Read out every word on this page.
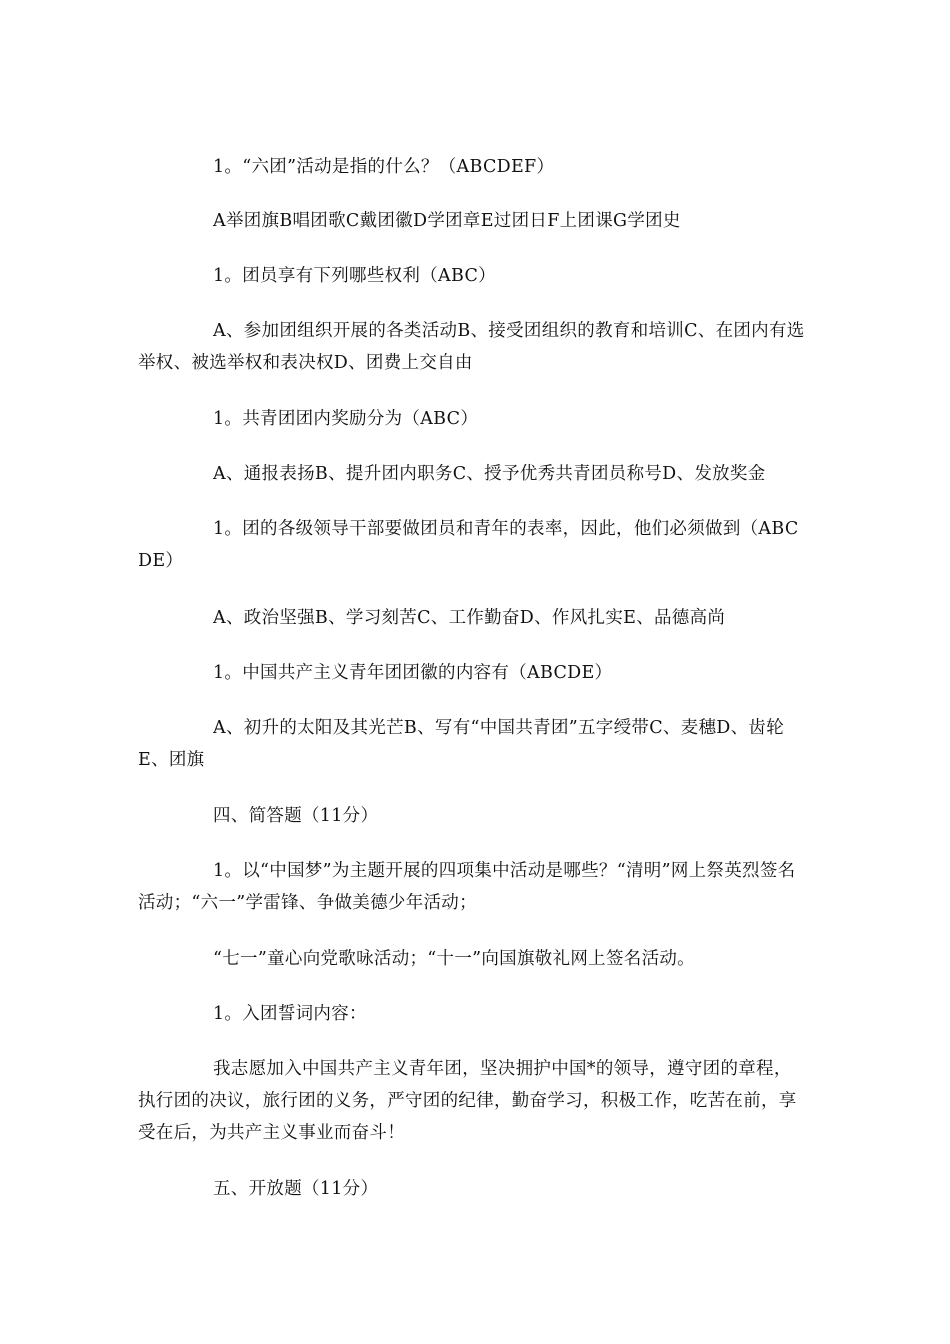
1。“六团”活动是指的什么？（ABCDEF）

A举团旗B唱团歌C戴团徽D学团章E过团日F上团课G学团史

1。团员享有下列哪些权利（ABC）

A、参加团组织开展的各类活动B、接受团组织的教育和培训C、在团内有选举权、被选举权和表决权D、团费上交自由

1。共青团团内奖励分为（ABC）

A、通报表扬B、提升团内职务C、授予优秀共青团员称号D、发放奖金

1。团的各级领导干部要做团员和青年的表率，因此，他们必须做到（ABCDE）

A、政治坚强B、学习刻苦C、工作勤奋D、作风扎实E、品德高尚

1。中国共产主义青年团团徽的内容有（ABCDE）

A、初升的太阳及其光芒B、写有“中国共青团”五字绶带C、麦穗D、齿轮E、团旗

四、简答题（11分）

1。以“中国梦”为主题开展的四项集中活动是哪些？“清明”网上祭英烈签名活动；“六一”学雷锋、争做美德少年活动；

“七一”童心向党歌咏活动；“十一”向国旗敬礼网上签名活动。

1。入团誓词内容：

我志愿加入中国共产主义青年团，坚决拥护中国*的领导，遵守团的章程，执行团的决议，旅行团的义务，严守团的纪律，勤奋学习，积极工作，吃苦在前，享受在后，为共产主义事业而奋斗！

五、开放题（11分）
